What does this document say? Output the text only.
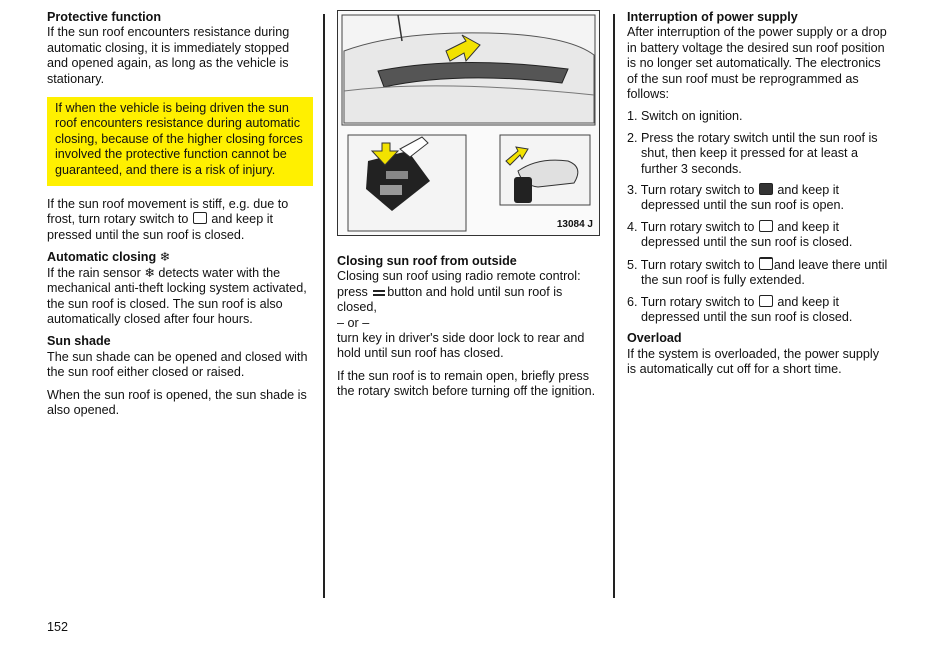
Protective function

If the sun roof encounters resistance during automatic closing, it is immediately stopped and opened again, as long as the vehicle is stationary.

If when the vehicle is being driven the sun roof encounters resistance during automatic closing, because of the higher closing forces involved the protective function cannot be guaranteed, and there is a risk of injury.

If the sun roof movement is stiff, e.g. due to frost, turn rotary switch to and keep it pressed until the sun roof is closed.

Automatic closing ❄

If the rain sensor ❄ detects water with the mechanical anti-theft locking system activated, the sun roof is closed. The sun roof is also automatically closed after four hours.

Sun shade

The sun shade can be opened and closed with the sun roof either closed or raised.

When the sun roof is opened, the sun shade is also opened.

13084 J
Closing sun roof from outside

Closing sun roof using radio remote control: press button and hold until sun roof is closed,

– or –

turn key in driver's side door lock to rear and hold until sun roof has closed.

If the sun roof is to remain open, briefly press the rotary switch before turning off the ignition.

Interruption of power supply

After interruption of the power supply or a drop in battery voltage the desired sun roof position is no longer set automatically. The electronics of the sun roof must be reprogrammed as follows:

1. Switch on ignition.
2. Press the rotary switch until the sun roof is shut, then keep it pressed for at least a further 3 seconds.
3. Turn rotary switch to and keep it depressed until the sun roof is open.
4. Turn rotary switch to and keep it depressed until the sun roof is closed.
5. Turn rotary switch to and leave there until the sun roof is fully extended.
6. Turn rotary switch to and keep it depressed until the sun roof is closed.
Overload

If the system is overloaded, the power supply is automatically cut off for a short time.

152
